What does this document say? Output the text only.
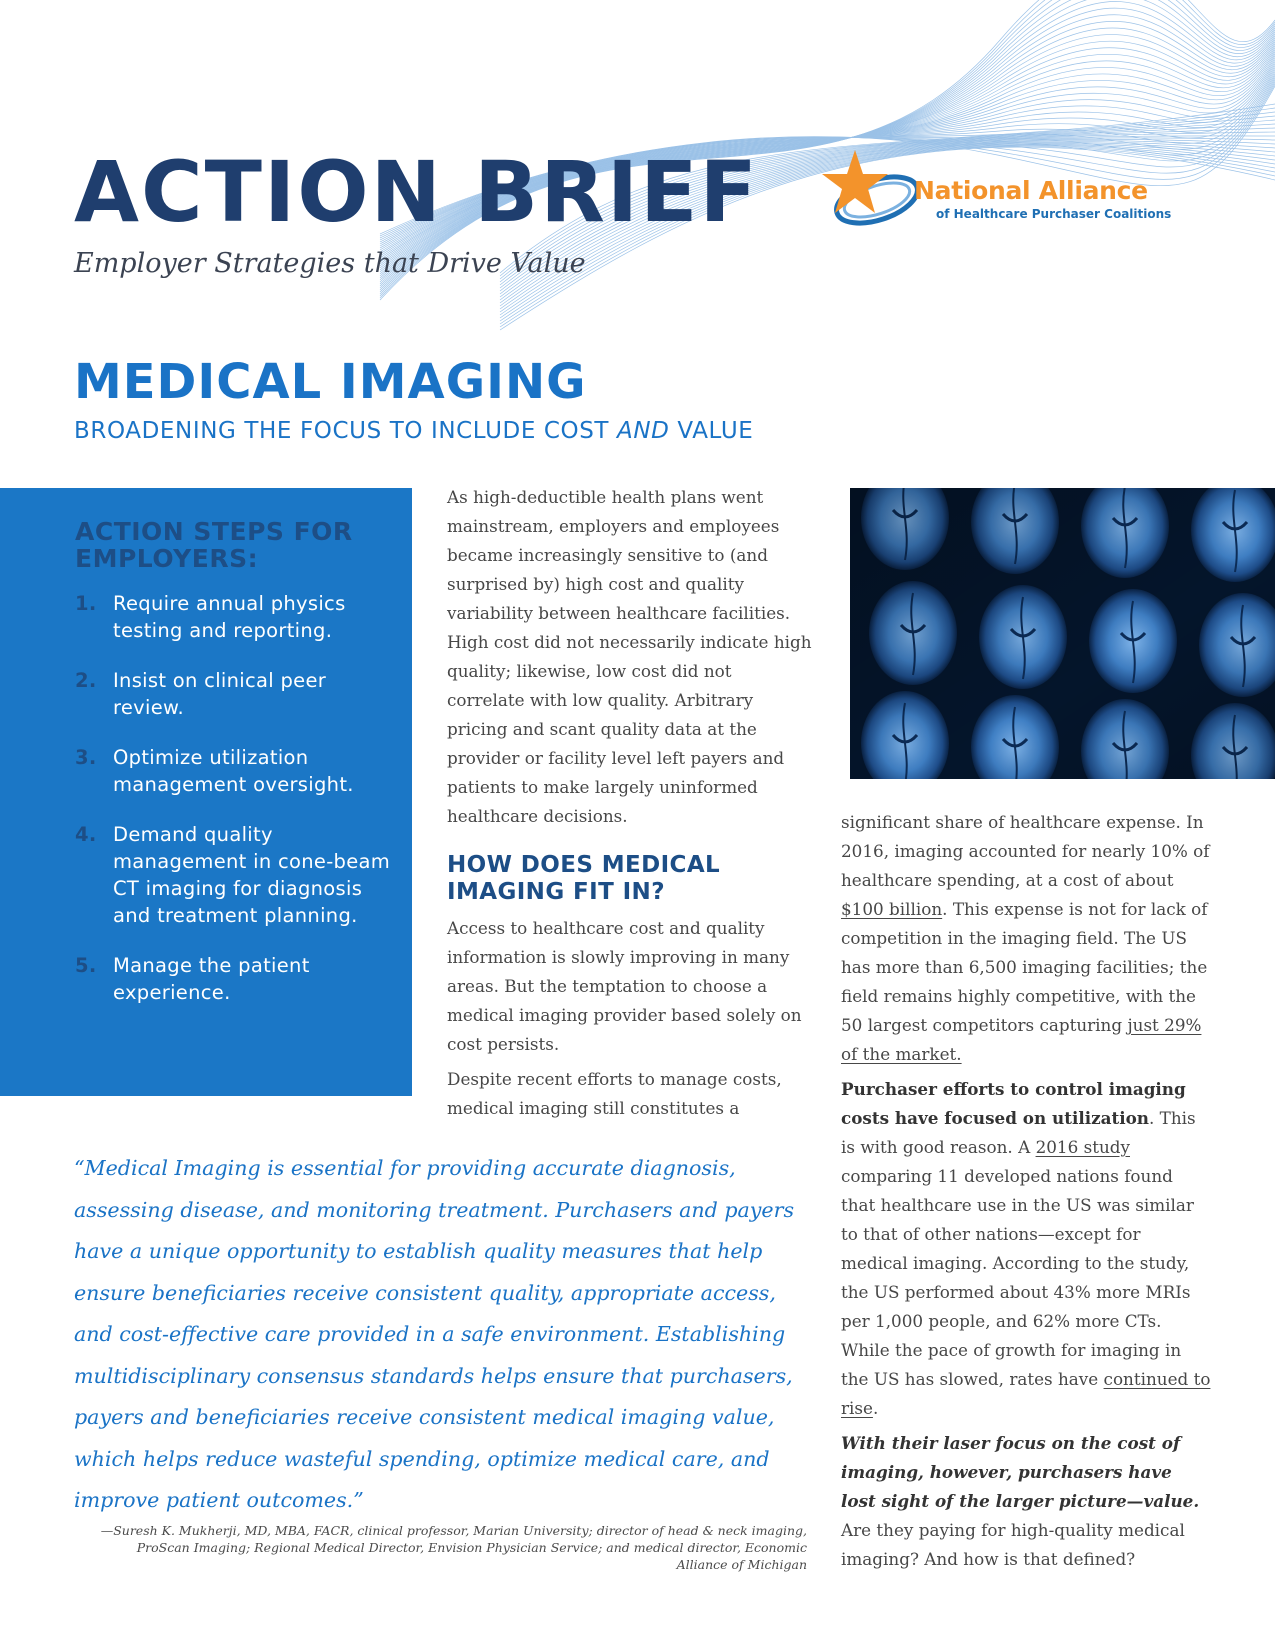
ACTION BRIEF
Employer Strategies that Drive Value
National Alliance
of Healthcare Purchaser Coalitions
MEDICAL IMAGING
BROADENING THE FOCUS TO INCLUDE COST AND VALUE
ACTION STEPS FOR EMPLOYERS:
1. Require annual physics testing and reporting.
2. Insist on clinical peer review.
3. Optimize utilization management oversight.
4. Demand quality management in cone-beam CT imaging for diagnosis and treatment planning.
5. Manage the patient experience.
As high-deductible health plans went mainstream, employers and employees became increasingly sensitive to (and surprised by) high cost and quality variability between healthcare facilities. High cost did not necessarily indicate high quality; likewise, low cost did not correlate with low quality. Arbitrary pricing and scant quality data at the provider or facility level left payers and patients to make largely uninformed healthcare decisions.
HOW DOES MEDICAL IMAGING FIT IN?

Access to healthcare cost and quality information is slowly improving in many areas. But the temptation to choose a medical imaging provider based solely on cost persists.

Despite recent efforts to manage costs, medical imaging still constitutes a

significant share of healthcare expense. In 2016, imaging accounted for nearly 10% of healthcare spending, at a cost of about $100 billion. This expense is not for lack of competition in the imaging field. The US has more than 6,500 imaging facilities; the field remains highly competitive, with the 50 largest competitors capturing just 29% of the market.

Purchaser efforts to control imaging costs have focused on utilization. This is with good reason. A 2016 study comparing 11 developed nations found that healthcare use in the US was similar to that of other nations—except for medical imaging. According to the study, the US performed about 43% more MRIs per 1,000 people, and 62% more CTs. While the pace of growth for imaging in the US has slowed, rates have continued to rise.

With their laser focus on the cost of imaging, however, purchasers have lost sight of the larger picture—value. Are they paying for high-quality medical imaging? And how is that defined?

“Medical Imaging is essential for providing accurate diagnosis, assessing disease, and monitoring treatment. Purchasers and payers have a unique opportunity to establish quality measures that help ensure beneficiaries receive consistent quality, appropriate access, and cost-effective care provided in a safe environment. Establishing multidisciplinary consensus standards helps ensure that purchasers, payers and beneficiaries receive consistent medical imaging value, which helps reduce wasteful spending, optimize medical care, and improve patient outcomes.”
—Suresh K. Mukherji, MD, MBA, FACR, clinical professor, Marian University; director of head & neck imaging, ProScan Imaging; Regional Medical Director, Envision Physician Service; and medical director, Economic Alliance of Michigan
